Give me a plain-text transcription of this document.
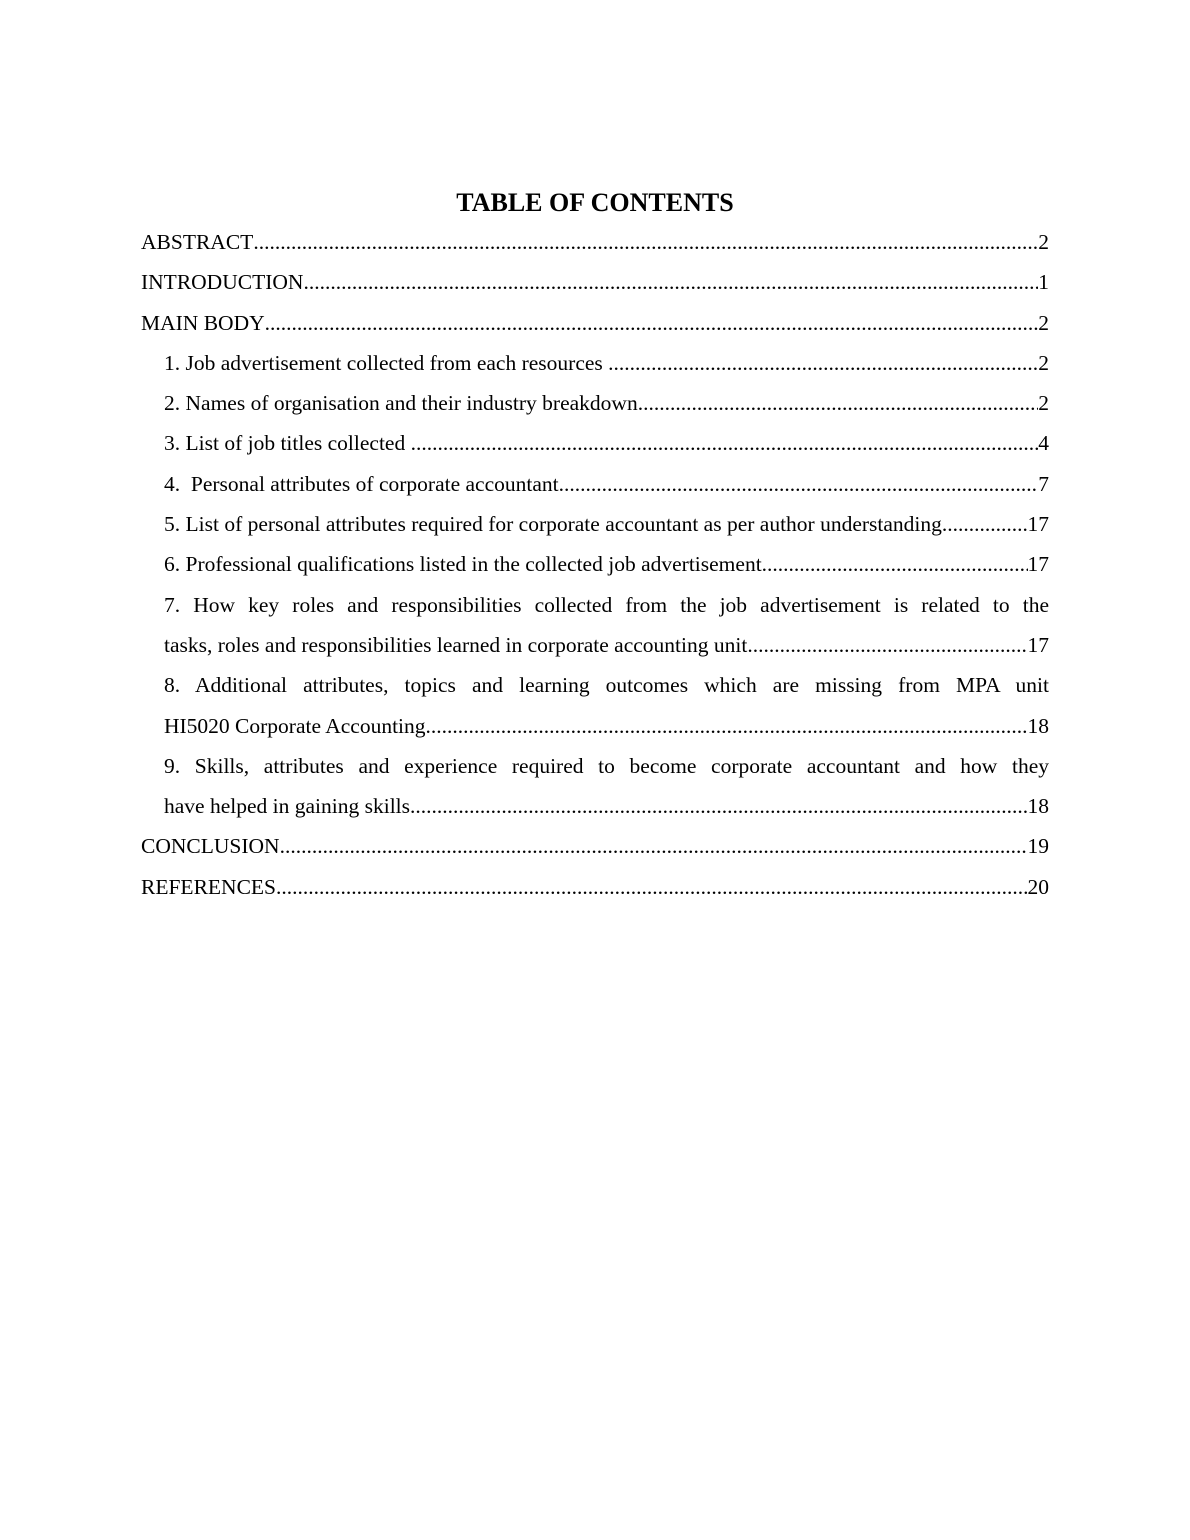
TABLE OF CONTENTS
ABSTRACT .....	2
INTRODUCTION .....	1
MAIN BODY .....	2
1. Job advertisement collected from each resources .....	2
2. Names of organisation and their industry breakdown .....	2
3. List of job titles collected .....	4
4.  Personal attributes of corporate accountant .....	7
5. List of personal attributes required for corporate accountant as per author understanding .....	17
6. Professional qualifications listed in the collected job advertisement .....	17
7. How key roles and responsibilities collected from the job advertisement is related to the
tasks, roles and responsibilities learned in corporate accounting unit .....	17
8. Additional attributes, topics and learning outcomes which are missing from MPA unit
HI5020 Corporate Accounting .....	18
9. Skills, attributes and experience required to become corporate accountant and how they
have helped in gaining skills .....	18
CONCLUSION .....	19
REFERENCES .....	20
